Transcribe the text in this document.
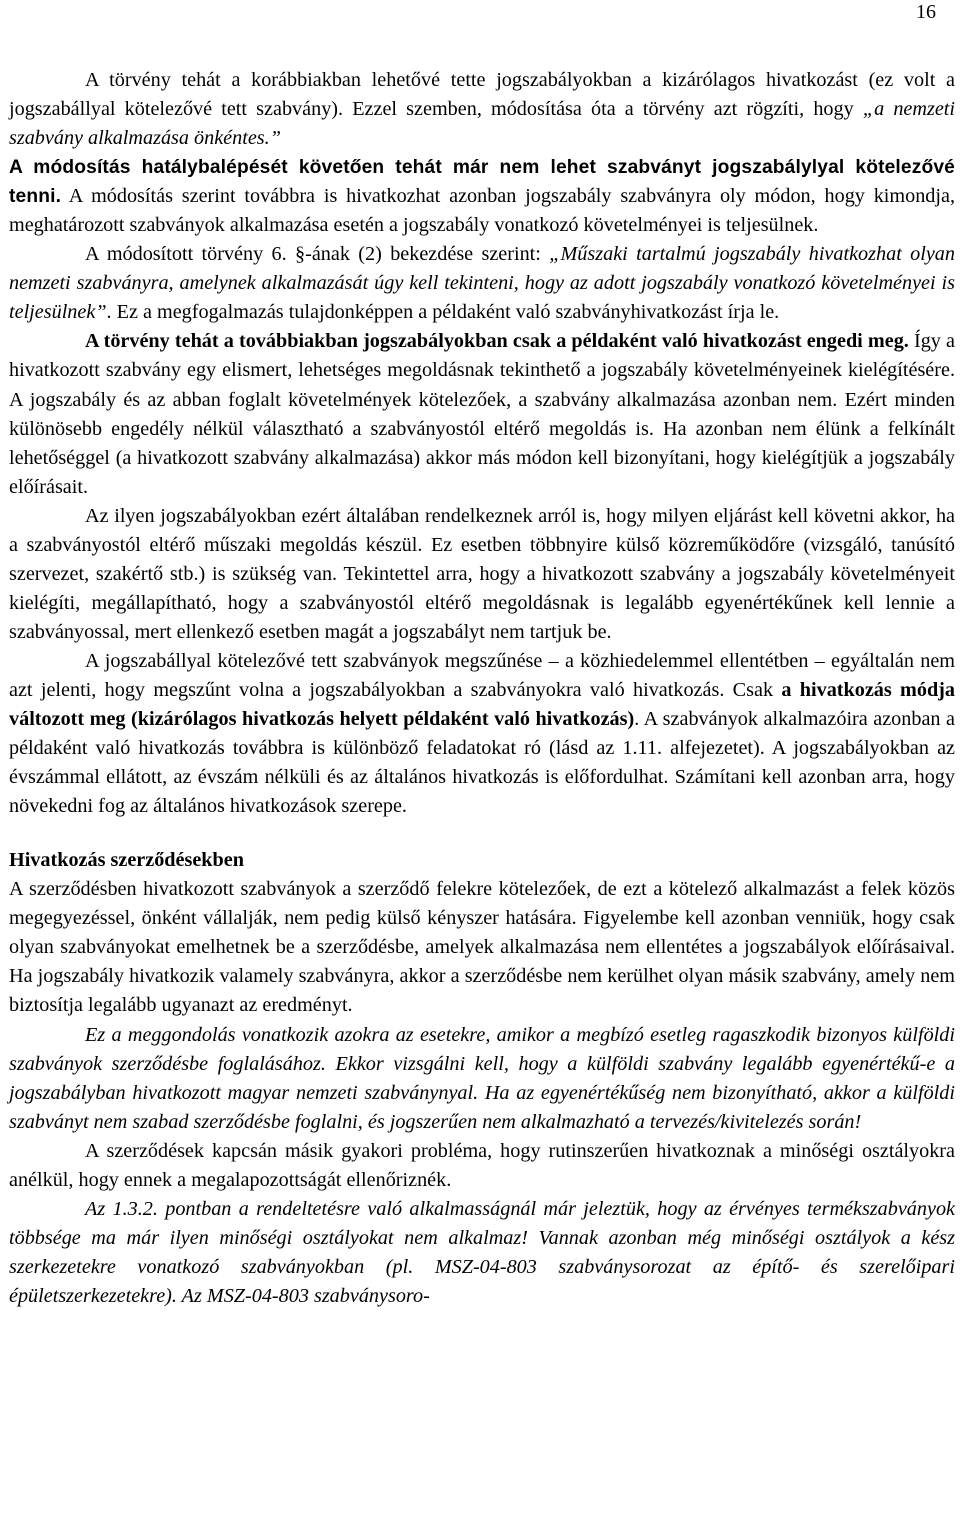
16

A törvény tehát a korábbiakban lehetővé tette jogszabályokban a kizárólagos hivatkozást (ez volt a jogszabállyal kötelezővé tett szabvány). Ezzel szemben, módosítása óta a törvény azt rögzíti, hogy „a nemzeti szabvány alkalmazása önkéntes.”
A módosítás hatálybalépését követően tehát már nem lehet szabványt jogszabálylyal kötelezővé tenni. A módosítás szerint továbbra is hivatkozhat azonban jogszabály szabványra oly módon, hogy kimondja, meghatározott szabványok alkalmazása esetén a jogszabály vonatkozó követelményei is teljesülnek.

A módosított törvény 6. §-ának (2) bekezdése szerint: „Műszaki tartalmú jogszabály hivatkozhat olyan nemzeti szabványra, amelynek alkalmazását úgy kell tekinteni, hogy az adott jogszabály vonatkozó követelményei is teljesülnek”. Ez a megfogalmazás tulajdonképpen a példaként való szabványhivatkozást írja le.

A törvény tehát a továbbiakban jogszabályokban csak a példaként való hivatkozást engedi meg. Így a hivatkozott szabvány egy elismert, lehetséges megoldásnak tekinthető a jogszabály követelményeinek kielégítésére. A jogszabály és az abban foglalt követelmények kötelezőek, a szabvány alkalmazása azonban nem. Ezért minden különösebb engedély nélkül választható a szabványostól eltérő megoldás is. Ha azonban nem élünk a felkínált lehetőséggel (a hivatkozott szabvány alkalmazása) akkor más módon kell bizonyítani, hogy kielégítjük a jogszabály előírásait.

Az ilyen jogszabályokban ezért általában rendelkeznek arról is, hogy milyen eljárást kell követni akkor, ha a szabványostól eltérő műszaki megoldás készül. Ez esetben többnyire külső közreműködőre (vizsgáló, tanúsító szervezet, szakértő stb.) is szükség van. Tekintettel arra, hogy a hivatkozott szabvány a jogszabály követelményeit kielégíti, megállapítható, hogy a szabványostól eltérő megoldásnak is legalább egyenértékűnek kell lennie a szabványossal, mert ellenkező esetben magát a jogszabályt nem tartjuk be.

A jogszabállyal kötelezővé tett szabványok megszűnése – a közhiedelemmel ellentétben – egyáltalán nem azt jelenti, hogy megszűnt volna a jogszabályokban a szabványokra való hivatkozás. Csak a hivatkozás módja változott meg (kizárólagos hivatkozás helyett példaként való hivatkozás). A szabványok alkalmazóira azonban a példaként való hivatkozás továbbra is különböző feladatokat ró (lásd az 1.11. alfejezetet). A jogszabályokban az évszámmal ellátott, az évszám nélküli és az általános hivatkozás is előfordulhat. Számítani kell azonban arra, hogy növekedni fog az általános hivatkozások szerepe.

Hivatkozás szerződésekben

A szerződésben hivatkozott szabványok a szerződő felekre kötelezőek, de ezt a kötelező alkalmazást a felek közös megegyezéssel, önként vállalják, nem pedig külső kényszer hatására. Figyelembe kell azonban venniük, hogy csak olyan szabványokat emelhetnek be a szerződésbe, amelyek alkalmazása nem ellentétes a jogszabályok előírásaival. Ha jogszabály hivatkozik valamely szabványra, akkor a szerződésbe nem kerülhet olyan másik szabvány, amely nem biztosítja legalább ugyanazt az eredményt.

Ez a meggondolás vonatkozik azokra az esetekre, amikor a megbízó esetleg ragaszkodik bizonyos külföldi szabványok szerződésbe foglalásához. Ekkor vizsgálni kell, hogy a külföldi szabvány legalább egyenértékű-e a jogszabályban hivatkozott magyar nemzeti szabványnyal. Ha az egyenértékűség nem bizonyítható, akkor a külföldi szabványt nem szabad szerződésbe foglalni, és jogszerűen nem alkalmazható a tervezés/kivitelezés során!

A szerződések kapcsán másik gyakori probléma, hogy rutinszerűen hivatkoznak a minőségi osztályokra anélkül, hogy ennek a megalapozottságát ellenőriznék.

Az 1.3.2. pontban a rendeltetésre való alkalmasságnál már jeleztük, hogy az érvényes termékszabványok többsége ma már ilyen minőségi osztályokat nem alkalmaz! Vannak azonban még minőségi osztályok a kész szerkezetekre vonatkozó szabványokban (pl. MSZ-04-803 szabványsorozat az építő- és szerelőipari épületszerkezetekre). Az MSZ-04-803 szabványsoro-
